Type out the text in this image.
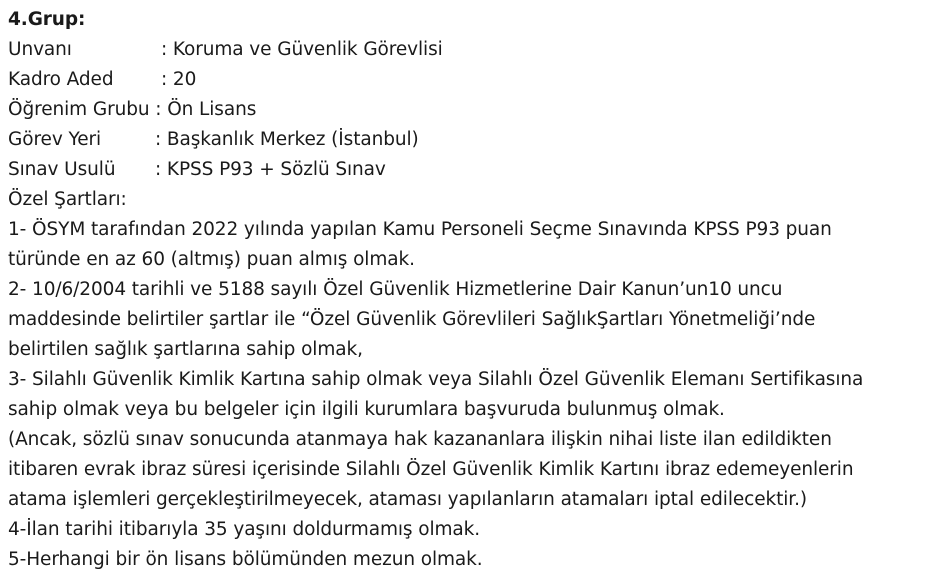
4.Grup:
Unvanı	: Koruma ve Güvenlik Görevlisi
Kadro Aded	: 20
Öğrenim Grubu : Ön Lisans
Görev Yeri	: Başkanlık Merkez (İstanbul)
Sınav Usulü	: KPSS P93 + Sözlü Sınav
Özel Şartları:
1- ÖSYM tarafından 2022 yılında yapılan Kamu Personeli Seçme Sınavında KPSS P93 puan
türünde en az 60 (altmış) puan almış olmak.
2- 10/6/2004 tarihli ve 5188 sayılı Özel Güvenlik Hizmetlerine Dair Kanun’un10 uncu
maddesinde belirtiler şartlar ile “Özel Güvenlik Görevlileri SağlıkŞartları Yönetmeliği’nde
belirtilen sağlık şartlarına sahip olmak,
3- Silahlı Güvenlik Kimlik Kartına sahip olmak veya Silahlı Özel Güvenlik Elemanı Sertifikasına
sahip olmak veya bu belgeler için ilgili kurumlara başvuruda bulunmuş olmak.
(Ancak, sözlü sınav sonucunda atanmaya hak kazananlara ilişkin nihai liste ilan edildikten
itibaren evrak ibraz süresi içerisinde Silahlı Özel Güvenlik Kimlik Kartını ibraz edemeyenlerin
atama işlemleri gerçekleştirilmeyecek, ataması yapılanların atamaları iptal edilecektir.)
4-İlan tarihi itibarıyla 35 yaşını doldurmamış olmak.
5-Herhangi bir ön lisans bölümünden mezun olmak.
